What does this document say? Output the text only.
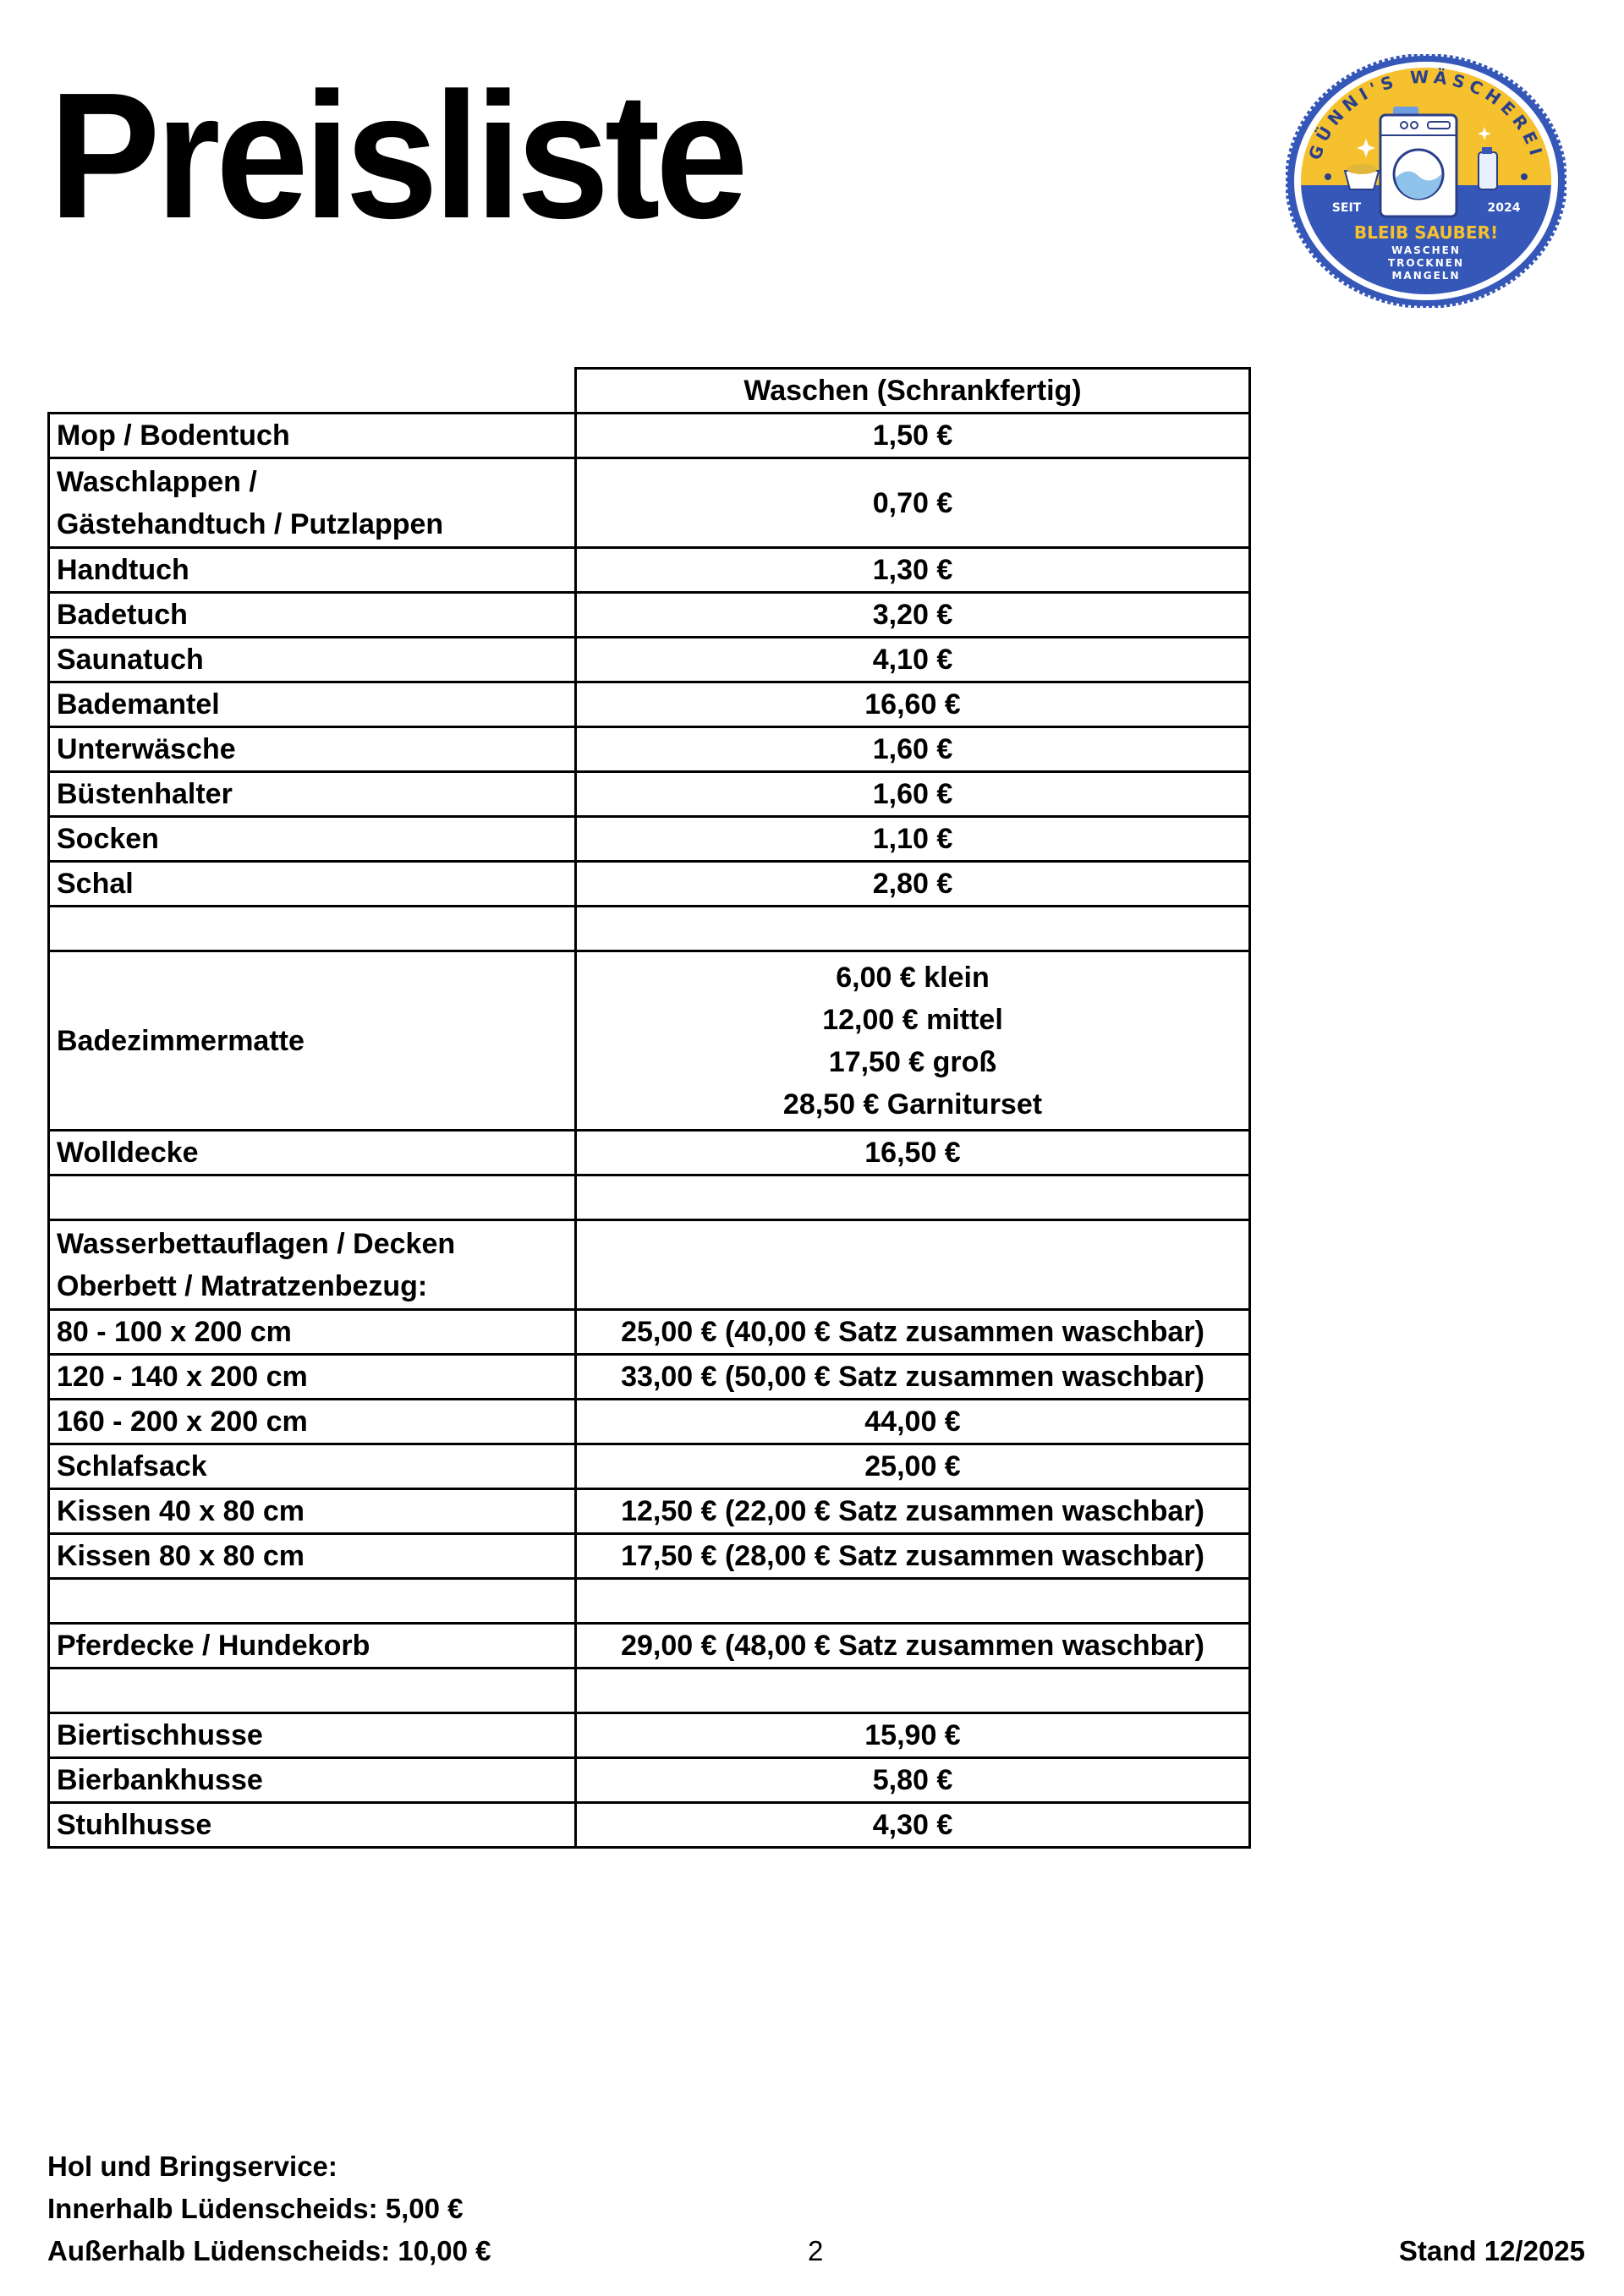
Preisliste	GÜNNI'S WÄSCHEREI
SEIT	2024
BLEIB SAUBER!
WASCHEN
TROCKNEN
MANGELN
	Waschen (Schrankfertig)
Mop / Bodentuch	1,50 €

Waschlappen /
Gästehandtuch / Putzlappen	0,70 €
Handtuch	1,30 €
Badetuch	3,20 €
Saunatuch	4,10 €
Bademantel	16,60 €
Unterwäsche	1,60 €
Büstenhalter	1,60 €
Socken	1,10 €
Schal	2,80 €

Badezimmermatte	6,00 € klein
12,00 € mittel
17,50 € groß
28,50 € Garniturset

Wolldecke	16,50 €

Wasserbettauflagen / Decken
Oberbett / Matratzenbezug:	

80 - 100 x 200 cm	25,00 € (40,00 € Satz zusammen waschbar)
120 - 140 x 200 cm	33,00 € (50,00 € Satz zusammen waschbar)
160 - 200 x 200 cm	44,00 €
Schlafsack	25,00 €
Kissen 40 x 80 cm	12,50 € (22,00 € Satz zusammen waschbar)
Kissen 80 x 80 cm	17,50 € (28,00 € Satz zusammen waschbar)

Pferdecke / Hundekorb	29,00 € (48,00 € Satz zusammen waschbar)

Biertischhusse	15,90 €
Bierbankhusse	5,80 €
Stuhlhusse	4,30 €
Hol und Bringservice:
Innerhalb Lüdenscheids: 5,00 €
Außerhalb Lüdenscheids: 10,00 €	2	Stand 12/2025
